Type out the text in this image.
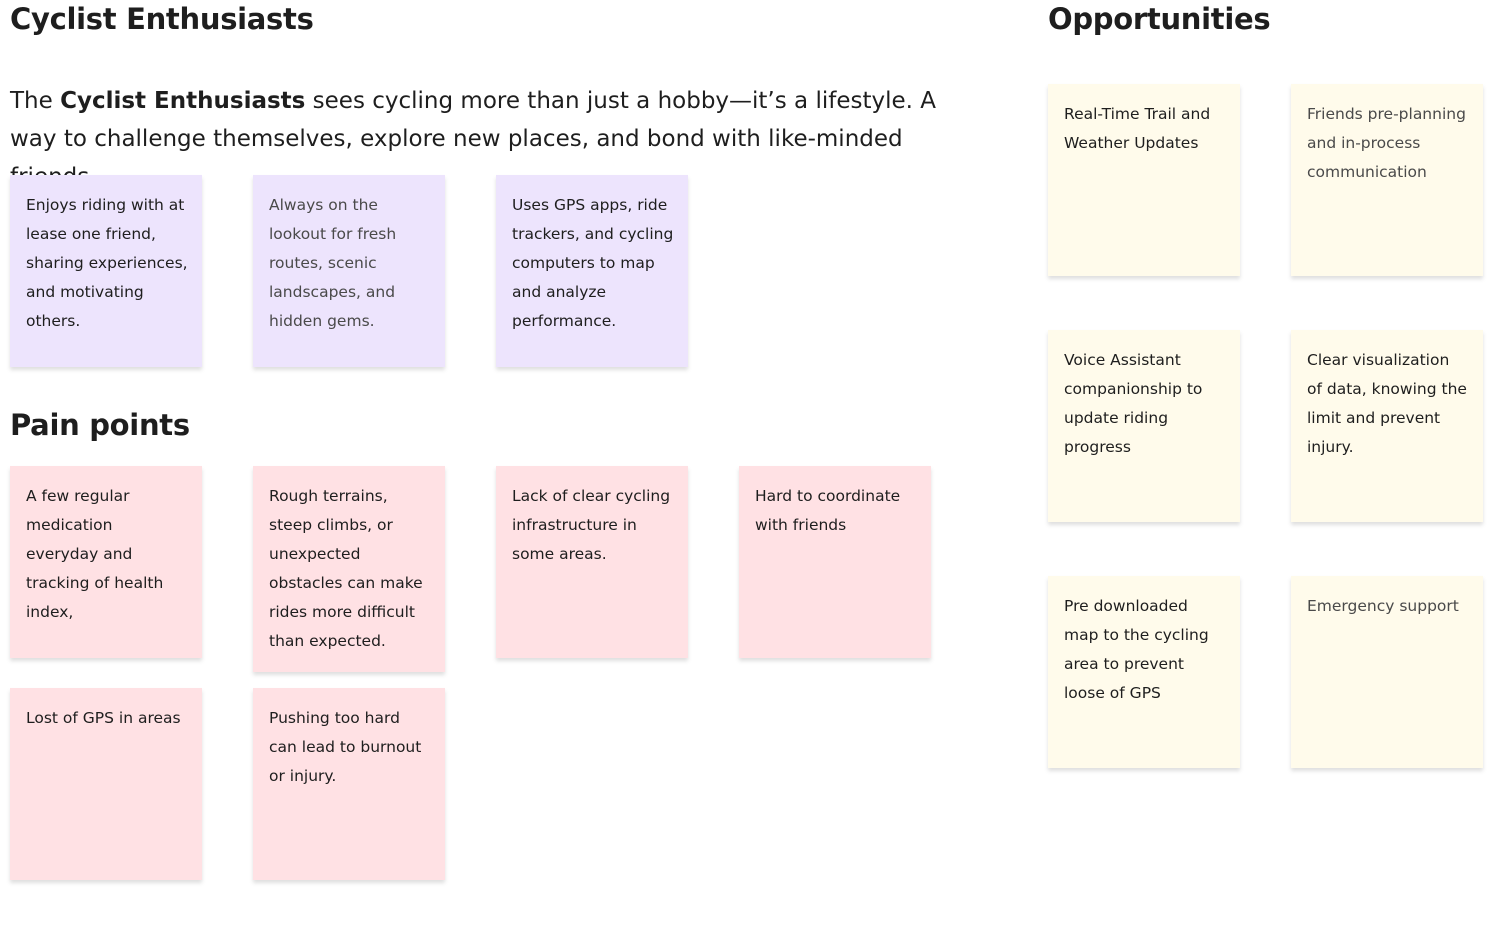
Cyclist Enthusiasts

The Cyclist Enthusiasts sees cycling more than just a hobby—it’s a lifestyle. A way to challenge themselves, explore new places, and bond with like-minded

Enjoys riding with at lease one friend, sharing experiences, and motivating others.
Always on the lookout for fresh routes, scenic landscapes, and hidden gems.
Uses GPS apps, ride trackers, and cycling computers to map and analyze performance.
Pain points
A few regular medication everyday and tracking of health index,
Rough terrains, steep climbs, or unexpected obstacles can make rides more difficult than expected.
Lack of clear cycling infrastructure in some areas.
Hard to coordinate with friends
Lost of GPS in areas	Pushing too hard can lead to burnout or injury.
Opportunities
Real-Time Trail and Weather Updates
Friends pre-planning and in-process communication
Voice Assistant companionship to update riding progress
Clear visualization of data, knowing the limit and prevent injury.
Pre downloaded map to the cycling area to prevent loose of GPS
Emergency support
